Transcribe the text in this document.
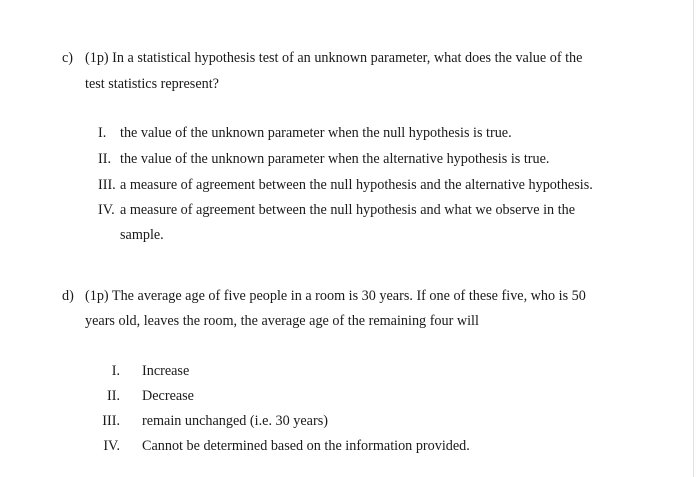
c) (1p) In a statistical hypothesis test of an unknown parameter, what does the value of the
test statistics represent?
I. the value of the unknown parameter when the null hypothesis is true.
II. the value of the unknown parameter when the alternative hypothesis is true.
III. a measure of agreement between the null hypothesis and the alternative hypothesis.
IV. a measure of agreement between the null hypothesis and what we observe in the
sample.
d) (1p) The average age of five people in a room is 30 years. If one of these five, who is 50
years old, leaves the room, the average age of the remaining four will
I. Increase
II. Decrease
III. remain unchanged (i.e. 30 years)
IV. Cannot be determined based on the information provided.
